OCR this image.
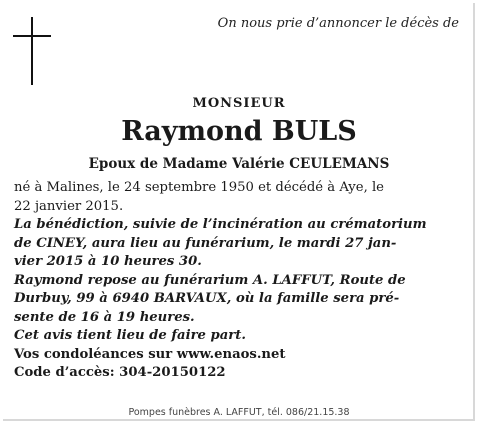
On nous prie d’annoncer le décès de
MONSIEUR
Raymond BULS
Epoux de Madame Valérie CEULEMANS

né à Malines, le 24 septembre 1950 et décédé à Aye, le

22 janvier 2015.

La bénédiction, suivie de l’incinération au crématorium

de CINEY, aura lieu au funérarium, le mardi 27 jan-

vier 2015 à 10 heures 30.

Raymond repose au funérarium A. LAFFUT, Route de

Durbuy, 99 à 6940 BARVAUX, où la famille sera pré-

sente de 16 à 19 heures.

Cet avis tient lieu de faire part.

Vos condoléances sur www.enaos.net

Code d’accès: 304-20150122

Pompes funèbres A. LAFFUT, tél. 086/21.15.38
